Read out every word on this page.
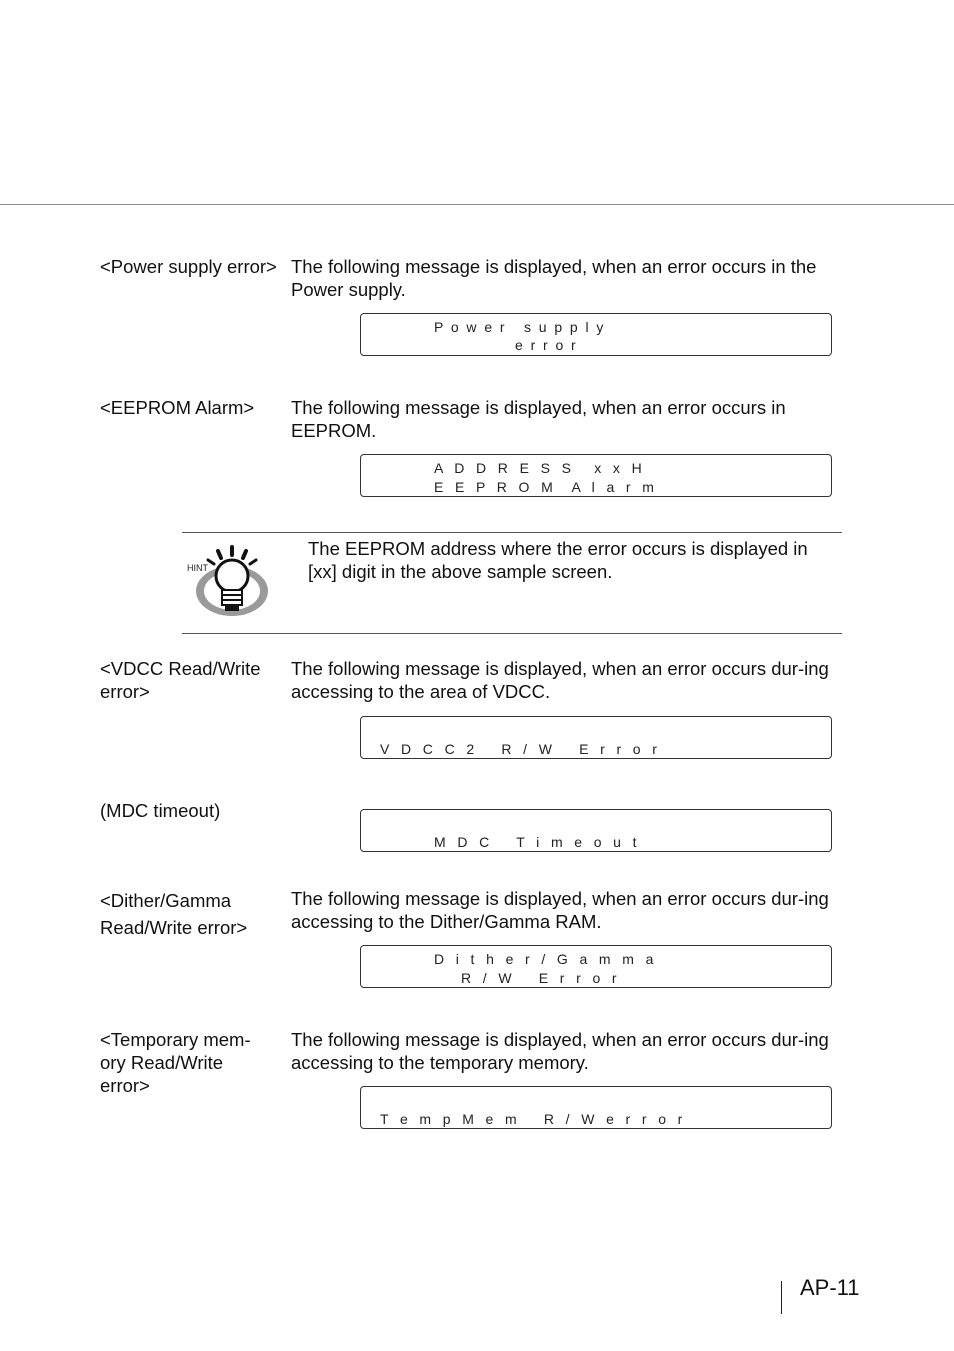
<Power supply error> The following message is displayed, when an error occurs in the Power supply.
P  o  w  e  r     s  u  p  p  l  y
e  r  r  o  r
<EEPROM Alarm>	The following message is displayed, when an error occurs in EEPROM.
A   D   D   R   E   S   S      x   x   H
E   E   P   R   O   M     A   l   a   r   m
HINT
The EEPROM address where the error occurs is displayed in [xx] digit in the above sample screen.
<VDCC Read/Write error>
The following message is displayed, when an error occurs dur-ing accessing to the area of VDCC.
V   D   C   C   2       R   /   W       E   r   r   o   r
(MDC timeout)
M   D   C       T   i   m   e   o   u   t
<Dither/Gamma Read/Write error>
The following message is displayed, when an error occurs dur-ing accessing to the Dither/Gamma RAM.
D   i   t   h   e   r   /   G   a   m   m   a
R   /   W       E   r   r   o   r
<Temporary mem-ory Read/Write error>
The following message is displayed, when an error occurs dur-ing accessing to the temporary memory.
T   e   m   p   M   e   m       R   /   W   e   r   r   o   r
AP-11
